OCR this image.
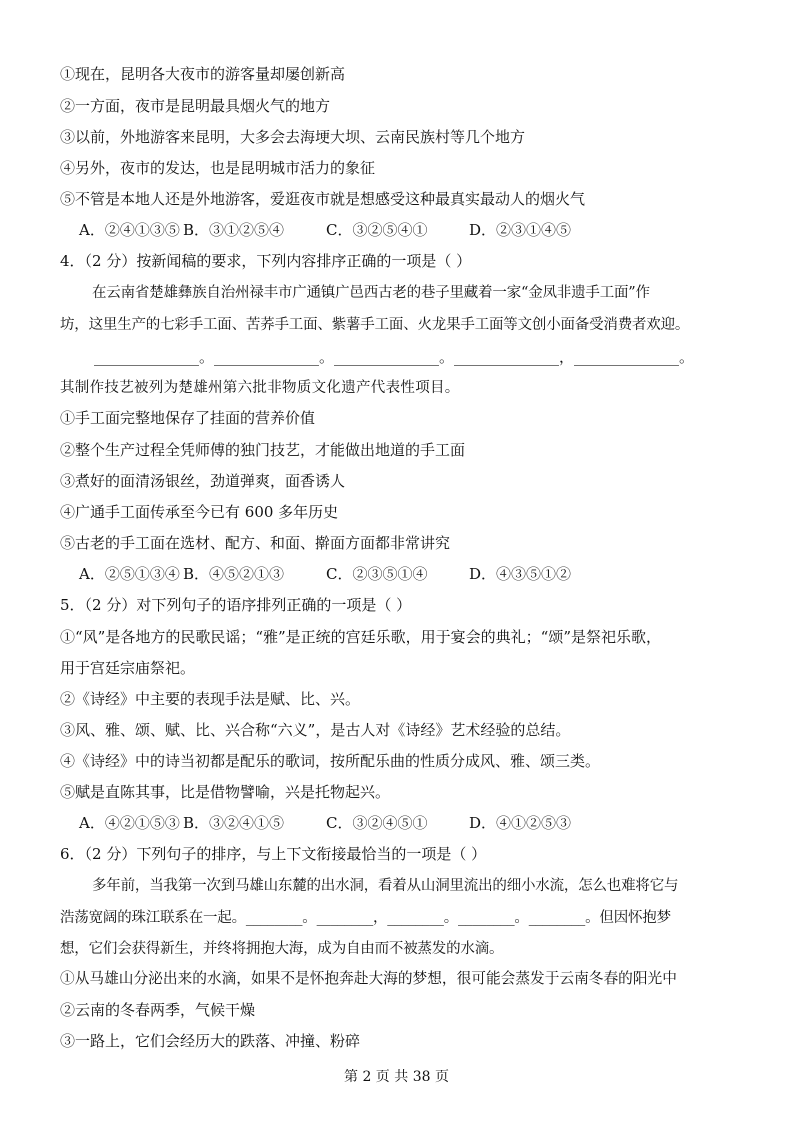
①现在，昆明各大夜市的游客量却屡创新高
②一方面，夜市是昆明最具烟火气的地方
③以前，外地游客来昆明，大多会去海埂大坝、云南民族村等几个地方
④另外，夜市的发达，也是昆明城市活力的象征
⑤不管是本地人还是外地游客，爱逛夜市就是想感受这种最真实最动人的烟火气
A．②④①③⑤ B．③①②⑤④	C．③②⑤④①	D．②③①④⑤
4．（2 分）按新闻稿的要求，下列内容排序正确的一项是（ ）
在云南省楚雄彝族自治州禄丰市广通镇广邑西古老的巷子里藏着一家“金凤非遗手工面”作
坊，这里生产的七彩手工面、苦荞手工面、紫薯手工面、火龙果手工面等文创小面备受消费者欢迎。
______________。______________。______________。______________，______________。
其制作技艺被列为楚雄州第六批非物质文化遗产代表性项目。
①手工面完整地保存了挂面的营养价值
②整个生产过程全凭师傅的独门技艺，才能做出地道的手工面
③煮好的面清汤银丝，劲道弹爽，面香诱人
④广通手工面传承至今已有 600 多年历史
⑤古老的手工面在选材、配方、和面、擀面方面都非常讲究
A．②⑤①③④ B．④⑤②①③	C．②③⑤①④	D．④③⑤①②
5．（2 分）对下列句子的语序排列正确的一项是（ ）
①“风”是各地方的民歌民谣；“雅”是正统的宫廷乐歌，用于宴会的典礼；“颂”是祭祀乐歌，
用于宫廷宗庙祭祀。
②《诗经》中主要的表现手法是赋、比、兴。
③风、雅、颂、赋、比、兴合称“六义”，是古人对《诗经》艺术经验的总结。
④《诗经》中的诗当初都是配乐的歌词，按所配乐曲的性质分成风、雅、颂三类。
⑤赋是直陈其事，比是借物譬喻，兴是托物起兴。
A．④②①⑤③ B．③②④①⑤	C．③②④⑤①	D．④①②⑤③
6．（2 分）下列句子的排序，与上下文衔接最恰当的一项是（ ）
多年前，当我第一次到马雄山东麓的出水洞，看着从山洞里流出的细小水流，怎么也难将它与
浩荡宽阔的珠江联系在一起。________。________，________。________。________。但因怀抱梦
想，它们会获得新生，并终将拥抱大海，成为自由而不被蒸发的水滴。
①从马雄山分泌出来的水滴，如果不是怀抱奔赴大海的梦想，很可能会蒸发于云南冬春的阳光中
②云南的冬春两季，气候干燥
③一路上，它们会经历大的跌落、冲撞、粉碎
第 2 页 共 38 页
